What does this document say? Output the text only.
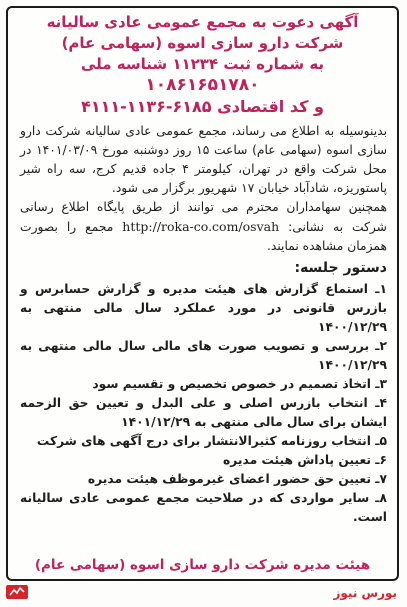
آگهی دعوت به مجمع عمومی عادی سالیانه
شرکت دارو سازی اسوه (سهامی عام)
به شماره ثبت ۱۱۲۳۴ شناسه ملی
۱۰۸۶۱۶۵۱۷۸۰
و کد اقتصادی ۶۱۸۵-۱۱۳۶-۴۱۱۱

بدینوسیله به اطلاع می رساند، مجمع عمومی عادی سالیانه شرکت دارو سازی اسوه (سهامی عام) ساعت ۱۵ روز دوشنبه مورخ ۱۴۰۱/۰۳/۰۹ در محل شرکت واقع در تهران، کیلومتر ۴ جاده قدیم کرج، سه راه شیر پاستوریزه، شادآباد خیابان ۱۷ شهریور برگزار می شود.

همچنین سهامداران محترم می توانند از طریق پایگاه اطلاع رسانی شرکت به نشانی: http://roka-co.com/osvah مجمع را بصورت همزمان مشاهده نمایند.

دستور جلسه:
۱ـ استماع گزارش های هیئت مدیره و گزارش حسابرس و بازرس قانونی در مورد عملکرد سال مالی منتهی به ۱۴۰۰/۱۲/۲۹
۲ـ بررسی و تصویب صورت های مالی سال مالی منتهی به ۱۴۰۰/۱۲/۲۹
۳ـ اتخاذ تصمیم در خصوص تخصیص و تقسیم سود
۴ـ انتخاب بازرس اصلی و علی البدل و تعیین حق الزحمه ایشان برای سال مالی منتهی به ۱۴۰۱/۱۲/۲۹
۵ـ انتخاب روزنامه کثیرالانتشار برای درج آگهی های شرکت
۶ـ تعیین پاداش هیئت مدیره
۷ـ تعیین حق حضور اعضای غیرموظف هیئت مدیره
۸ـ سایر مواردی که در صلاحیت مجمع عمومی عادی سالیانه است.
هیئت مدیره شرکت دارو سازی اسوه (سهامی عام)
بورس نیوز
